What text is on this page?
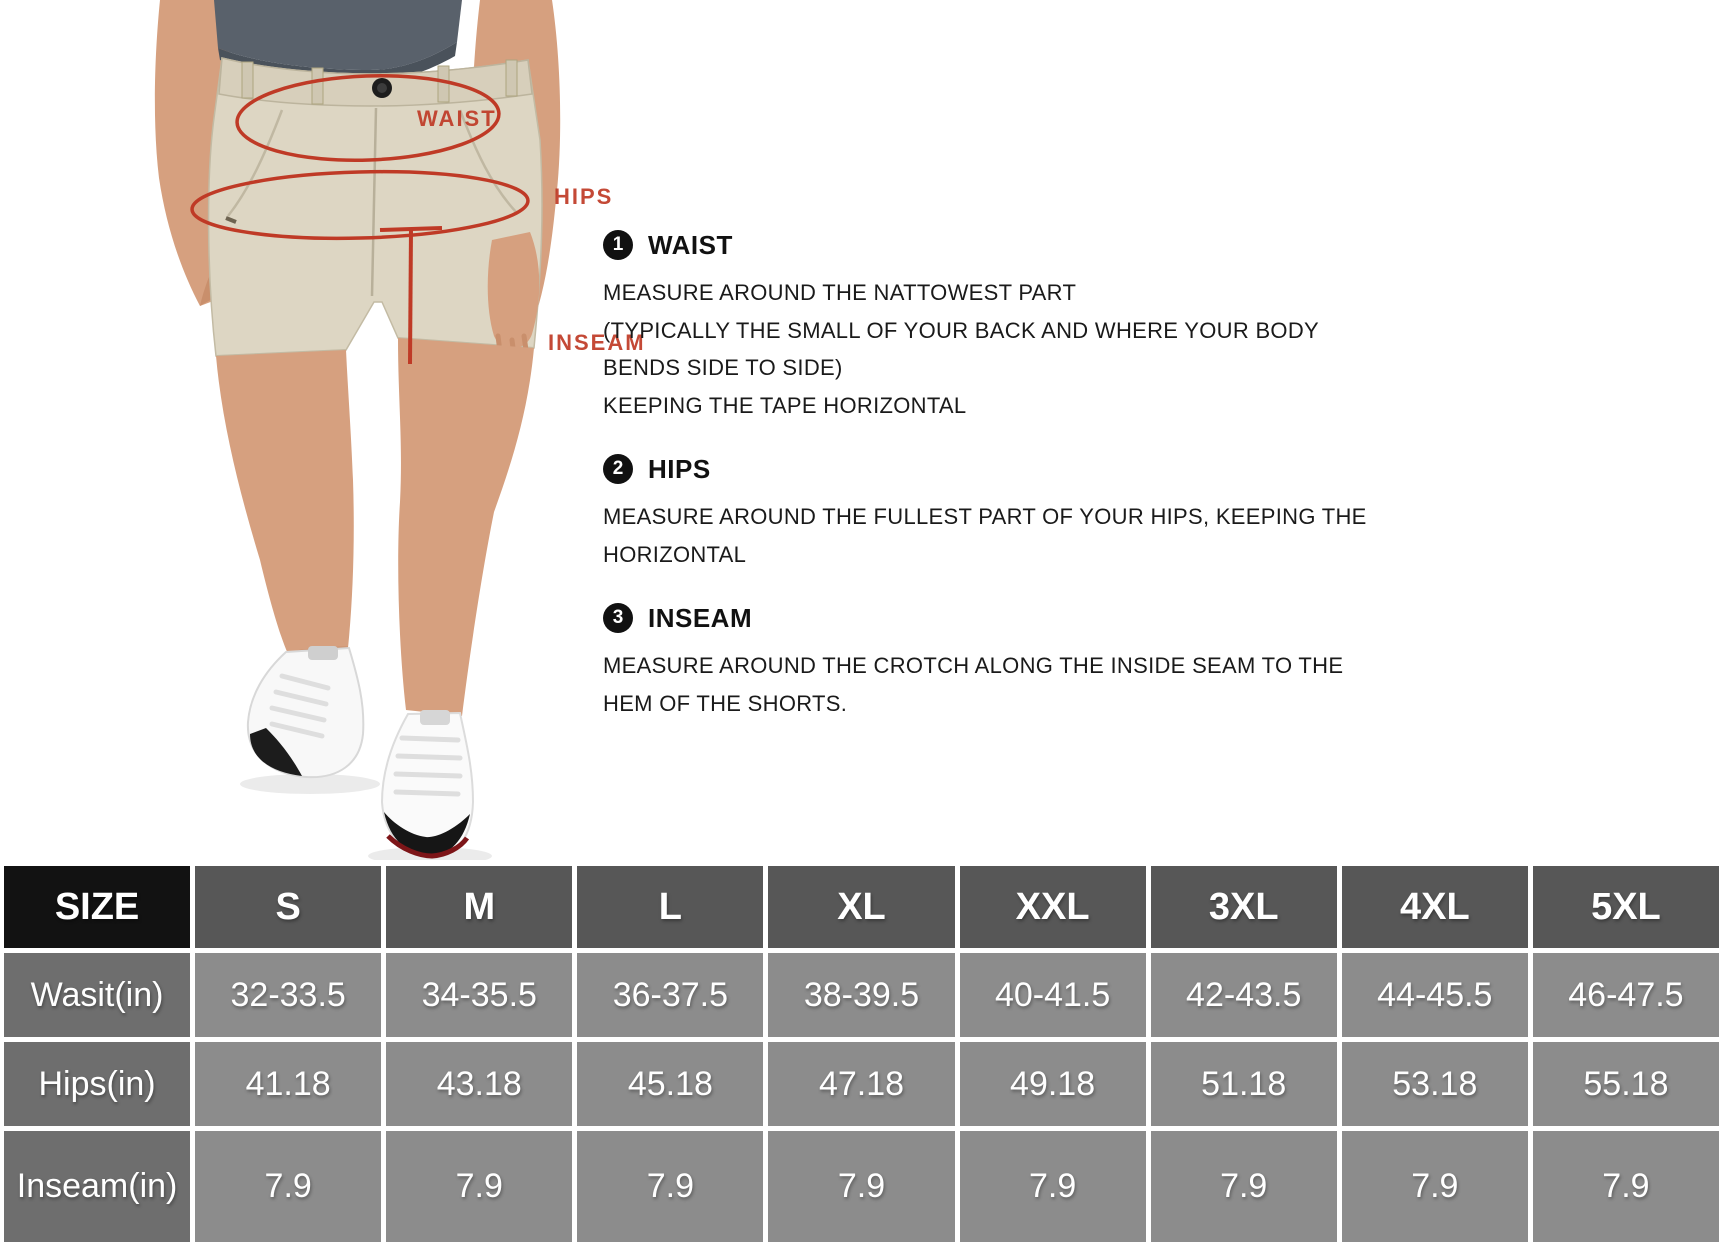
WAIST
HIPS
INSEAM
1 WAIST
MEASURE AROUND THE NATTOWEST PART
(TYPICALLY THE SMALL OF YOUR BACK AND WHERE YOUR BODY
BENDS SIDE TO SIDE)
KEEPING THE TAPE HORIZONTAL
2 HIPS
MEASURE AROUND THE FULLEST PART OF YOUR HIPS, KEEPING THE
HORIZONTAL
3 INSEAM
MEASURE AROUND THE CROTCH ALONG THE INSIDE SEAM TO THE
HEM OF THE SHORTS.
SIZE	S	M	L	XL	XXL	3XL	4XL	5XL
Wasit(in)	32-33.5	34-35.5	36-37.5	38-39.5	40-41.5	42-43.5	44-45.5	46-47.5
Hips(in)	41.18	43.18	45.18	47.18	49.18	51.18	53.18	55.18
Inseam(in)	7.9	7.9	7.9	7.9	7.9	7.9	7.9	7.9
